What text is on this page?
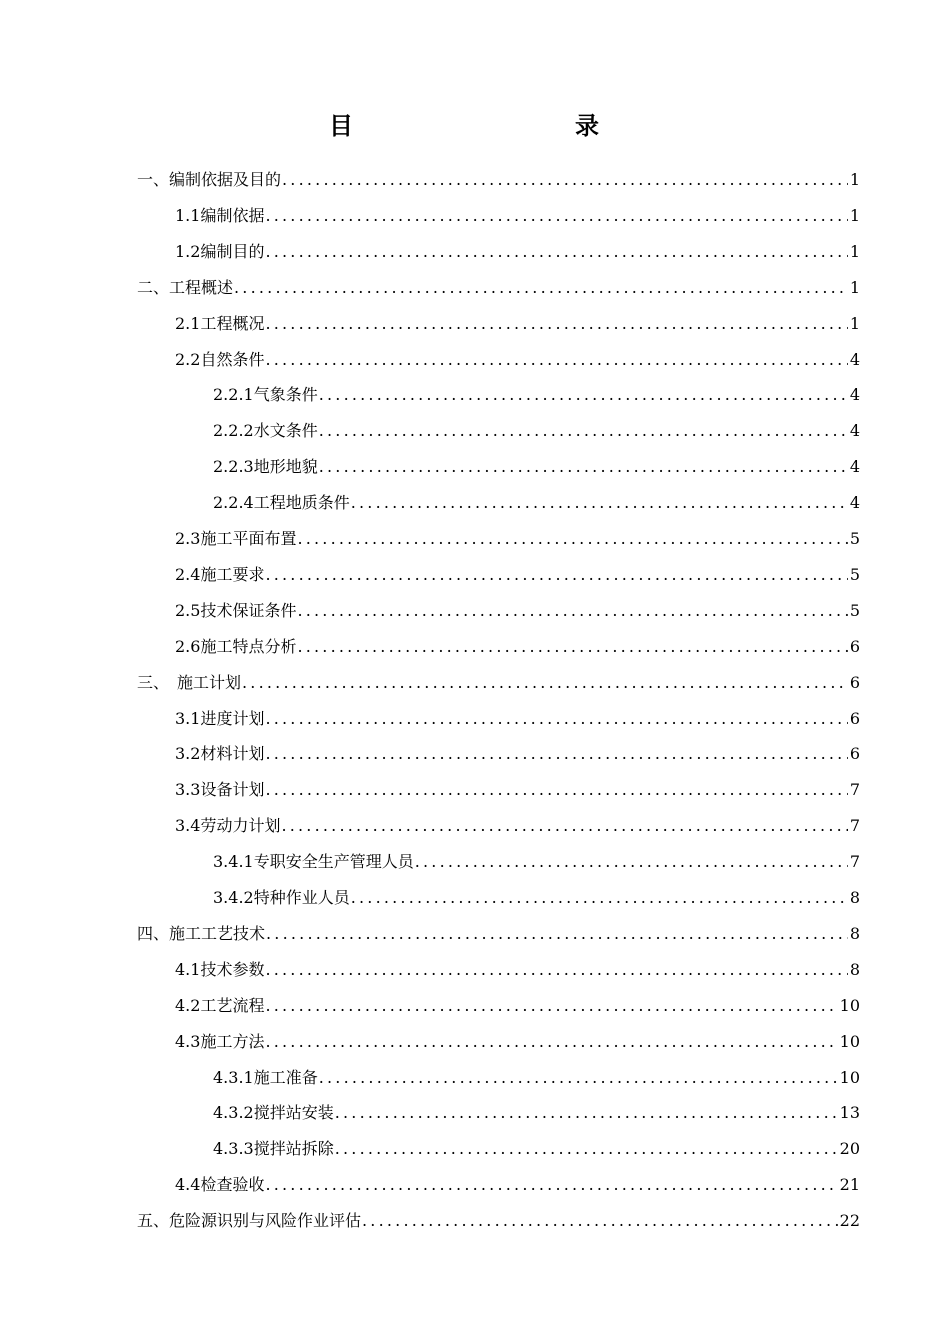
目　　录
一、编制依据及目的 .....	1
1.1编制依据 .....	1
1.2编制目的 .....	1
二、工程概述 .....	1
2.1工程概况 .....	1
2.2自然条件 .....	4
2.2.1气象条件 .....	4
2.2.2水文条件 .....	4
2.2.3地形地貌 .....	4
2.2.4工程地质条件 .....	4
2.3施工平面布置 .....	5
2.4施工要求 .....	5
2.5技术保证条件 .....	5
2.6施工特点分析 .....	6
三、　施工计划 .....	6
3.1进度计划 .....	6
3.2材料计划 .....	6
3.3设备计划 .....	7
3.4劳动力计划 .....	7
3.4.1专职安全生产管理人员 .....	7
3.4.2特种作业人员 .....	8
四、施工工艺技术 .....	8
4.1技术参数 .....	8
4.2工艺流程 .....	10
4.3施工方法 .....	10
4.3.1施工准备 .....	10
4.3.2搅拌站安装 .....	13
4.3.3搅拌站拆除 .....	20
4.4检查验收 .....	21
五、危险源识别与风险作业评估 .....	22
